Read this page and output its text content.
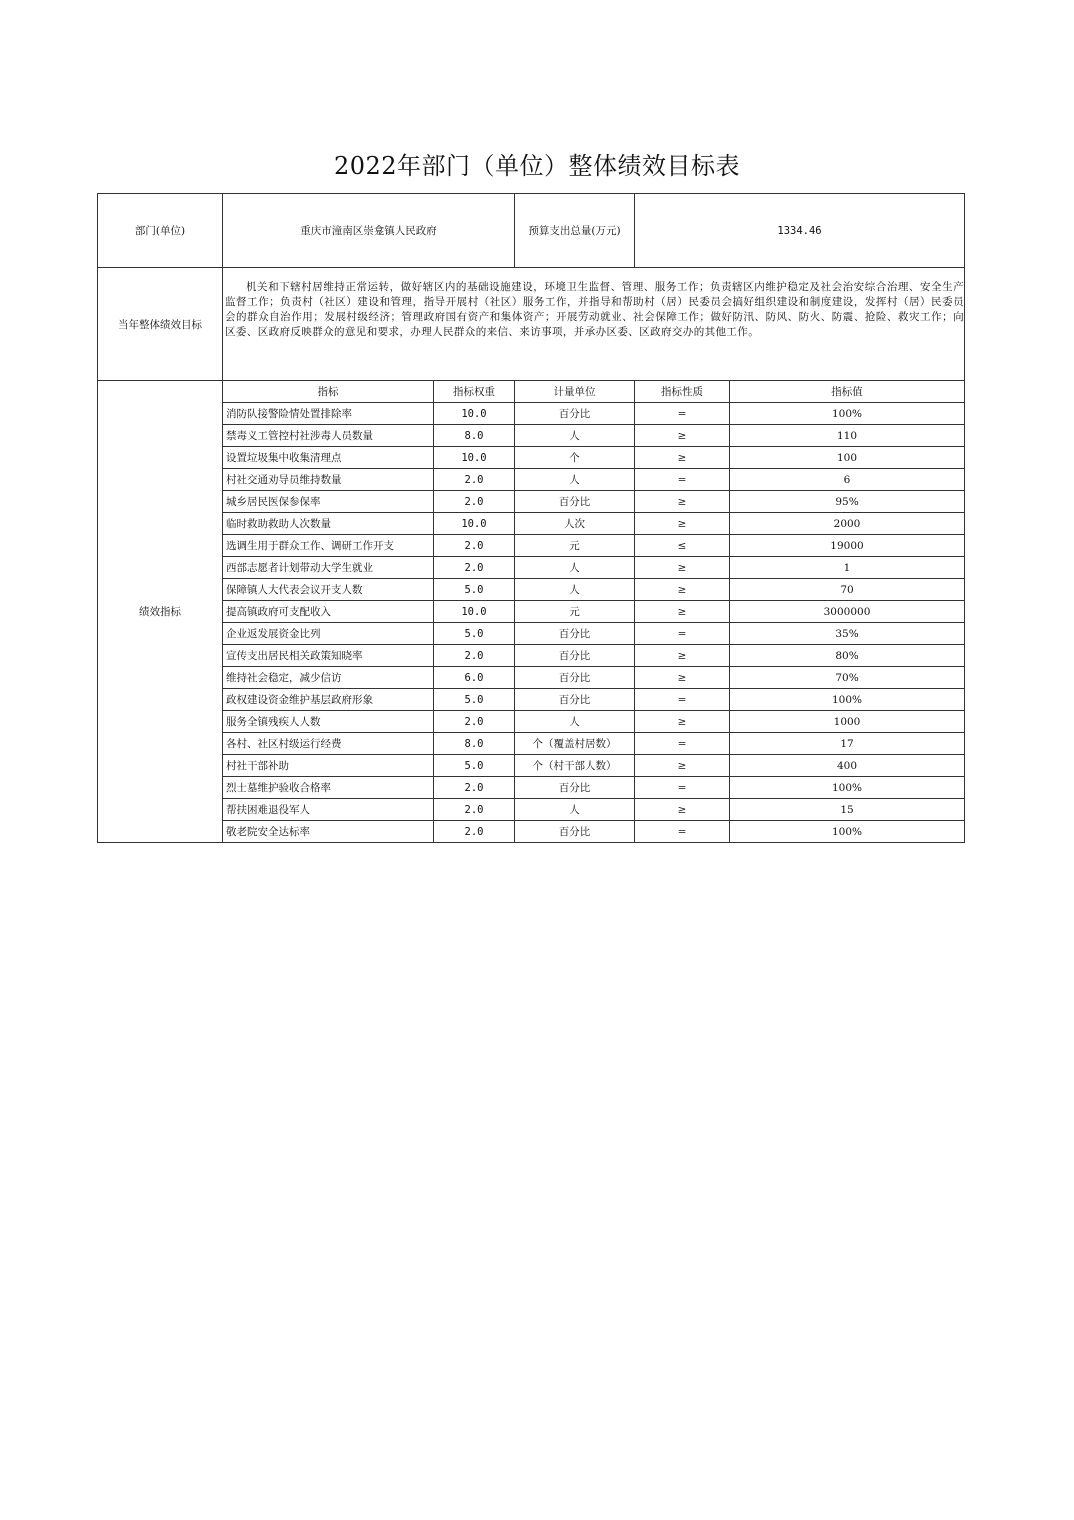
2022年部门（单位）整体绩效目标表
部门(单位)	重庆市潼南区崇龛镇人民政府		预算支出总量(万元)	1334.46	
当年整体绩效目标	机关和下辖村居维持正常运转，做好辖区内的基础设施建设，环境卫生监督、管理、服务工作；负责辖区内维护稳定及社会治安综合治理、安全生产监督工作；负责村（社区）建设和管理，指导开展村（社区）服务工作，并指导和帮助村（居）民委员会搞好组织建设和制度建设，发挥村（居）民委员会的群众自治作用；发展村级经济；管理政府国有资产和集体资产；开展劳动就业、社会保障工作；做好防汛、防风、防火、防震、抢险、救灾工作；向区委、区政府反映群众的意见和要求，办理人民群众的来信、来访事项，并承办区委、区政府交办的其他工作。				
绩效指标	指标	指标权重	计量单位	指标性质	指标值
	消防队接警险情处置排除率	10.0	百分比	=	100%
	禁毒义工管控村社涉毒人员数量	8.0	人	≥	110
	设置垃圾集中收集清理点	10.0	个	≥	100
	村社交通劝导员维持数量	2.0	人	=	6
	城乡居民医保参保率	2.0	百分比	≥	95%
	临时救助救助人次数量	10.0	人次	≥	2000
	选调生用于群众工作、调研工作开支	2.0	元	≤	19000
	西部志愿者计划带动大学生就业	2.0	人	≥	1
	保障镇人大代表会议开支人数	5.0	人	≥	70
	提高镇政府可支配收入	10.0	元	≥	3000000
	企业返发展资金比列	5.0	百分比	=	35%
	宣传支出居民相关政策知晓率	2.0	百分比	≥	80%
	维持社会稳定，减少信访	6.0	百分比	≥	70%
	政权建设资金维护基层政府形象	5.0	百分比	=	100%
	服务全镇残疾人人数	2.0	人	≥	1000
	各村、社区村级运行经费	8.0	个（覆盖村居数）	=	17
	村社干部补助	5.0	个（村干部人数）	≥	400
	烈士墓维护验收合格率	2.0	百分比	=	100%
	帮扶困难退役军人	2.0	人	≥	15
	敬老院安全达标率	2.0	百分比	=	100%
